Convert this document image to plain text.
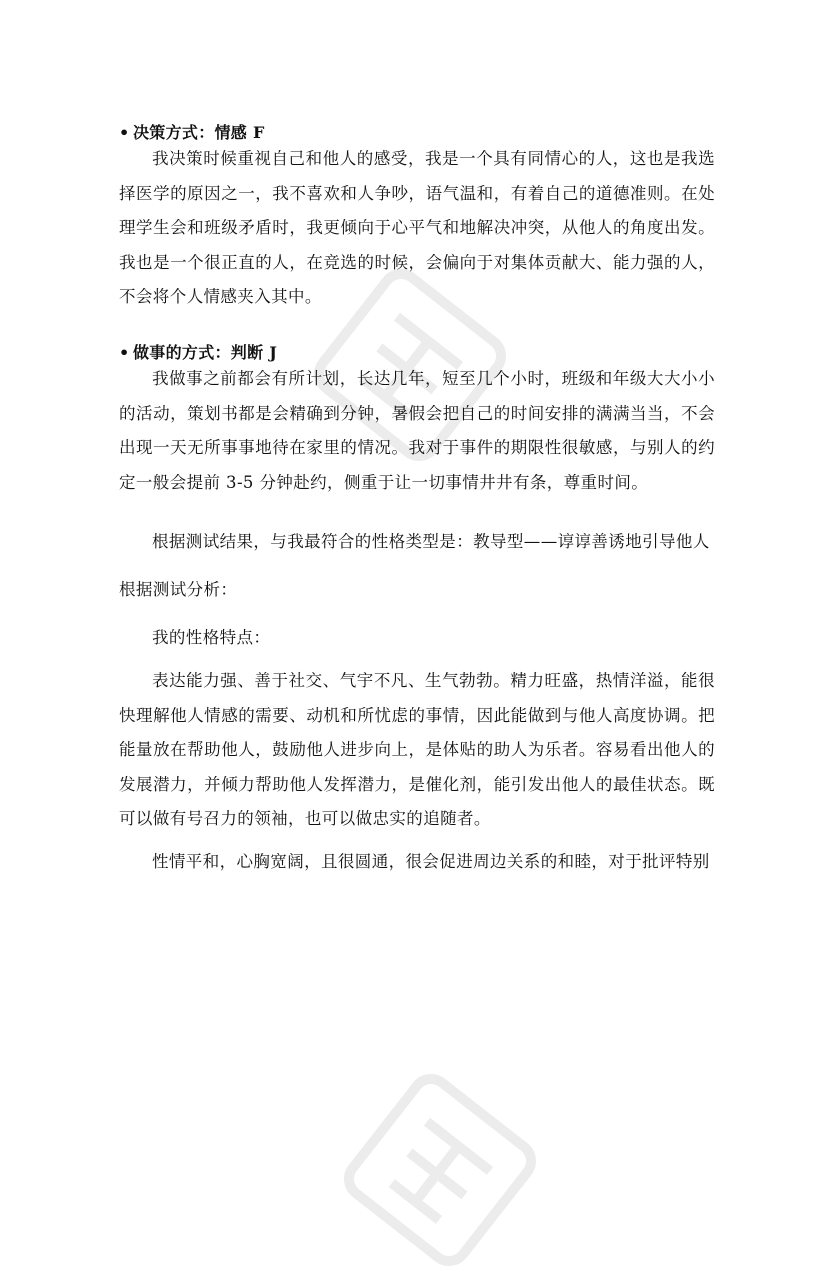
• 决策方式：情感 F
我决策时候重视自己和他人的感受，我是一个具有同情心的人，这也是我选择医学的原因之一，我不喜欢和人争吵，语气温和，有着自己的道德准则。在处理学生会和班级矛盾时，我更倾向于心平气和地解决冲突，从他人的角度出发。我也是一个很正直的人，在竞选的时候，会偏向于对集体贡献大、能力强的人， 不会将个人情感夹入其中。
• 做事的方式：判断 J
我做事之前都会有所计划，长达几年，短至几个小时，班级和年级大大小小的活动，策划书都是会精确到分钟，暑假会把自己的时间安排的满满当当，不会出现一天无所事事地待在家里的情况。我对于事件的期限性很敏感，与别人的约定一般会提前 3-5 分钟赴约，侧重于让一切事情井井有条，尊重时间。
根据测试结果，与我最符合的性格类型是：教导型——谆谆善诱地引导他人
根据测试分析：
我的性格特点：
表达能力强、善于社交、气宇不凡、生气勃勃。精力旺盛，热情洋溢，能很快理解他人情感的需要、动机和所忧虑的事情，因此能做到与他人高度协调。把能量放在帮助他人，鼓励他人进步向上，是体贴的助人为乐者。容易看出他人的发展潜力，并倾力帮助他人发挥潜力，是催化剂，能引发出他人的最佳状态。既可以做有号召力的领袖，也可以做忠实的追随者。
性情平和，心胸宽阔，且很圆通，很会促进周边关系的和睦，对于批评特别
